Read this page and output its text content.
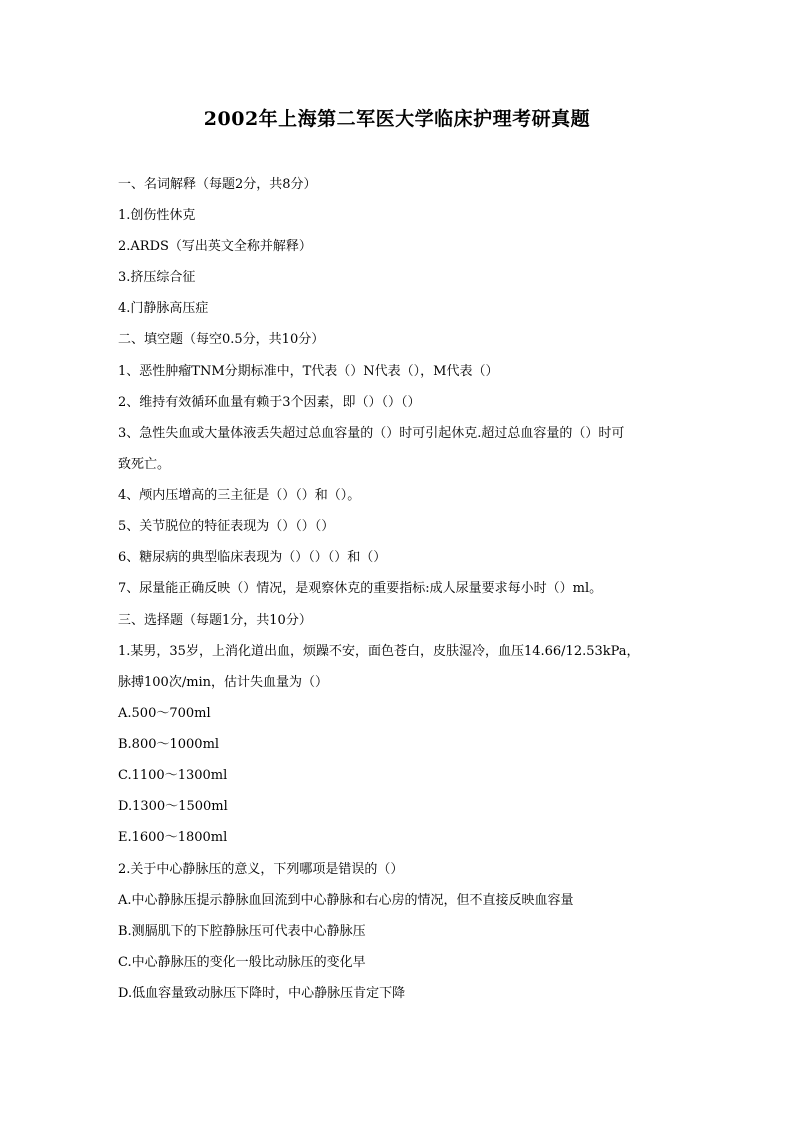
2002年上海第二军医大学临床护理考研真题
一、名词解释（每题2分，共8分）
1.创伤性休克
2.ARDS（写出英文全称并解释）
3.挤压综合征
4.门静脉高压症
二、填空题（每空0.5分，共10分）
1、恶性肿瘤TNM分期标准中，T代表（）N代表（），M代表（）
2、维持有效循环血量有赖于3个因素，即（）（）（）
3、急性失血或大量体液丢失超过总血容量的（）时可引起休克.超过总血容量的（）时可
致死亡。
4、颅内压增高的三主征是（）（）和（）。
5、关节脱位的特征表现为（）（）（）
6、糖尿病的典型临床表现为（）（）（）和（）
7、尿量能正确反映（）情况，是观察休克的重要指标:成人尿量要求每小时（）ml。
三、选择题（每题1分，共10分）
1.某男，35岁，上消化道出血，烦躁不安，面色苍白，皮肤湿冷，血压14.66/12.53kPa，
脉搏100次/min，估计失血量为（）
A.500～700ml
B.800～1000ml
C.1100～1300ml
D.1300～1500ml
E.1600～1800ml
2.关于中心静脉压的意义，下列哪项是错误的（）
A.中心静脉压提示静脉血回流到中心静脉和右心房的情况，但不直接反映血容量
B.测膈肌下的下腔静脉压可代表中心静脉压
C.中心静脉压的变化一般比动脉压的变化早
D.低血容量致动脉压下降时，中心静脉压肯定下降
